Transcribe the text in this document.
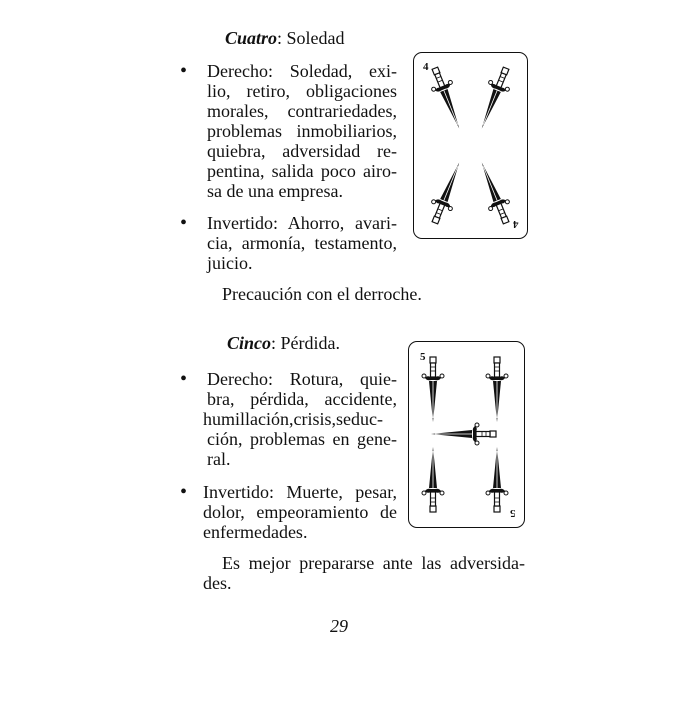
Cuatro: Soledad
• Derecho: Soledad, exi-
lio, retiro, obligaciones
morales, contrariedades,
problemas inmobiliarios,
quiebra, adversidad re-
pentina, salida poco airo-
sa de una empresa.
• Invertido: Ahorro, avari-
cia, armonía, testamento,
juicio.
Precaución con el derroche.
4
4
Cinco: Pérdida.
• Derecho: Rotura, quie-
bra, pérdida, accidente,
humillación,crisis,seduc-
ción, problemas en gene-
ral.
• Invertido: Muerte, pesar,
dolor, empeoramiento de
enfermedades.
Es mejor prepararse ante las adversida-
des.
5
5
29
